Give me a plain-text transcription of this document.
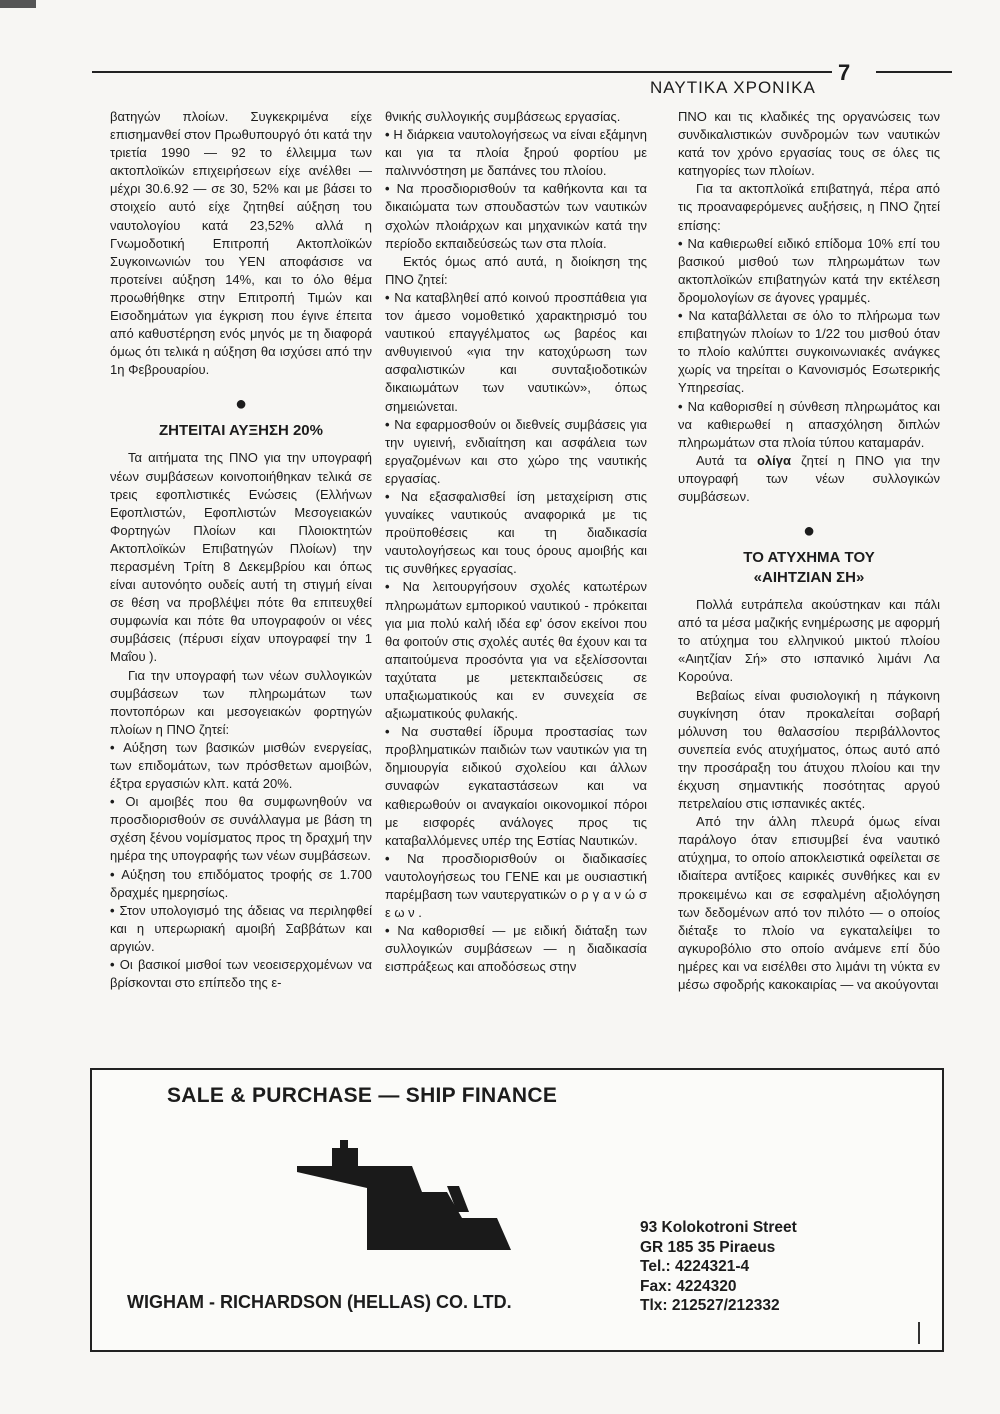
ΝΑΥΤΙΚΑ ΧΡΟΝΙΚΑ
7

βατηγών πλοίων. Συγκεκριμένα είχε επισημανθεί στον Πρωθυπουργό ότι κατά την τριετία 1990 — 92 το έλλειμμα των ακτοπλοϊκών επιχειρήσεων είχε ανέλθει — μέχρι 30.6.92 — σε 30, 52% και με βάσει το στοιχείο αυτό είχε ζητηθεί αύξηση του ναυτολογίου κατά 23,52% αλλά η Γνωμοδοτική Επιτροπή Ακτοπλοϊκών Συγκοινωνιών του ΥΕΝ αποφάσισε να προτείνει αύξηση 14%, και το όλο θέμα προωθήθηκε στην Επιτροπή Τιμών και Εισοδημάτων για έγκριση που έγινε έπειτα από καθυστέρηση ενός μηνός με τη διαφορά όμως ότι τελικά η αύξηση θα ισχύσει από την 1η Φεβρουαρίου.

●
ΖΗΤΕΙΤΑΙ ΑΥΞΗΣΗ 20%

Τα αιτήματα της ΠΝΟ για την υπογραφή νέων συμβάσεων κοινοποιήθηκαν τελικά σε τρεις εφοπλιστικές Ενώσεις (Ελλήνων Εφοπλιστών, Εφοπλιστών Μεσογειακών Φορτηγών Πλοίων και Πλοιοκτητών Ακτοπλοϊκών Επιβατηγών Πλοίων) την περασμένη Τρίτη 8 Δεκεμβρίου και όπως είναι αυτονόητο ουδείς αυτή τη στιγμή είναι σε θέση να προβλέψει πότε θα επιτευχθεί συμφωνία και πότε θα υπογραφούν οι νέες συμβάσεις (πέρυσι είχαν υπογραφεί την 1 Μαΐου ).

Για την υπογραφή των νέων συλλογικών συμβάσεων των πληρωμάτων των ποντοπόρων και μεσογειακών φορτηγών πλοίων η ΠΝΟ ζητεί:

• Αύξηση των βασικών μισθών ενεργείας, των επιδομάτων, των πρόσθετων αμοιβών, έξτρα εργασιών κλπ. κατά 20%.

• Οι αμοιβές που θα συμφωνηθούν να προσδιορισθούν σε συνάλλαγμα με βάση τη σχέση ξένου νομίσματος προς τη δραχμή την ημέρα της υπογραφής των νέων συμβάσεων.

• Αύξηση του επιδόματος τροφής σε 1.700 δραχμές ημερησίως.

• Στον υπολογισμό της άδειας να περιληφθεί και η υπερωριακή αμοιβή Σαββάτων και αργιών.

• Οι βασικοί μισθοί των νεοεισερχομένων να βρίσκονται στο επίπεδο της ε-

θνικής συλλογικής συμβάσεως εργασίας.

• Η διάρκεια ναυτολογήσεως να είναι εξάμηνη και για τα πλοία ξηρού φορτίου με παλιννόστηση με δαπάνες του πλοίου.

• Να προσδιορισθούν τα καθήκοντα και τα δικαιώματα των σπουδαστών των ναυτικών σχολών πλοιάρχων και μηχανικών κατά την περίοδο εκπαιδεύσεώς των στα πλοία.

Εκτός όμως από αυτά, η διοίκηση της ΠΝΟ ζητεί:

• Να καταβληθεί από κοινού προσπάθεια για τον άμεσο νομοθετικό χαρακτηρισμό του ναυτικού επαγγέλματος ως βαρέος και ανθυγιεινού «για την κατοχύρωση των ασφαλιστικών και συνταξιοδοτικών δικαιωμάτων των ναυτικών», όπως σημειώνεται.

• Να εφαρμοσθούν οι διεθνείς συμβάσεις για την υγιεινή, ενδιαίτηση και ασφάλεια των εργαζομένων και στο χώρο της ναυτικής εργασίας.

• Να εξασφαλισθεί ίση μεταχείριση στις γυναίκες ναυτικούς αναφορικά με τις προϋποθέσεις και τη διαδικασία ναυτολογήσεως και τους όρους αμοιβής και τις συνθήκες εργασίας.

• Να λειτουργήσουν σχολές κατωτέρων πληρωμάτων εμπορικού ναυτικού - πρόκειται για μια πολύ καλή ιδέα εφ' όσον εκείνοι που θα φοιτούν στις σχολές αυτές θα έχουν και τα απαιτούμενα προσόντα για να εξελίσσονται ταχύτατα με μετεκπαιδεύσεις σε υπαξιωματικούς και εν συνεχεία σε αξιωματικούς φυλακής.

• Να συσταθεί ίδρυμα προστασίας των προβληματικών παιδιών των ναυτικών για τη δημιουργία ειδικού σχολείου και άλλων συναφών εγκαταστάσεων και να καθιερωθούν οι αναγκαίοι οικονομικοί πόροι με εισφορές ανάλογες προς τις καταβαλλόμενες υπέρ της Εστίας Ναυτικών.

• Να προσδιορισθούν οι διαδικασίες ναυτολογήσεως του ΓΕΝΕ και με ουσιαστική παρέμβαση των ναυτεργατικών ο ρ γ α ν ώ σ ε ω ν .

• Να καθορισθεί — με ειδική διάταξη των συλλογικών συμβάσεων — η διαδικασία εισπράξεως και αποδόσεως στην

ΠΝΟ και τις κλαδικές της οργανώσεις των συνδικαλιστικών συνδρομών των ναυτικών κατά τον χρόνο εργασίας τους σε όλες τις κατηγορίες των πλοίων.

Για τα ακτοπλοϊκά επιβατηγά, πέρα από τις προαναφερόμενες αυξήσεις, η ΠΝΟ ζητεί επίσης:

• Να καθιερωθεί ειδικό επίδομα 10% επί του βασικού μισθού των πληρωμάτων των ακτοπλοϊκών επιβατηγών κατά την εκτέλεση δρομολογίων σε άγονες γραμμές.

• Να καταβάλλεται σε όλο το πλήρωμα των επιβατηγών πλοίων το 1/22 του μισθού όταν το πλοίο καλύπτει συγκοινωνιακές ανάγκες χωρίς να τηρείται ο Κανονισμός Εσωτερικής Υπηρεσίας.

• Να καθορισθεί η σύνθεση πληρωμάτος και να καθιερωθεί η απασχόληση διπλών πληρωμάτων στα πλοία τύπου καταμαράν.

Αυτά τα ολίγα ζητεί η ΠΝΟ για την υπογραφή των νέων συλλογικών συμβάσεων.

●
ΤΟ ΑΤΥΧΗΜΑ ΤΟΥ
«ΑΙΗΤΖΙΑΝ ΣΗ»

Πολλά ευτράπελα ακούστηκαν και πάλι από τα μέσα μαζικής ενημέρωσης με αφορμή το ατύχημα του ελληνικού μικτού πλοίου «Αιητζίαν Σή» στο ισπανικό λιμάνι Λα Κορούνα.

Βεβαίως είναι φυσιολογική η πάγκοινη συγκίνηση όταν προκαλείται σοβαρή μόλυνση του θαλασσίου περιβάλλοντος συνεπεία ενός ατυχήματος, όπως αυτό από την προσάραξη του άτυχου πλοίου και την έκχυση σημαντικής ποσότητας αργού πετρελαίου στις ισπανικές ακτές.

Από την άλλη πλευρά όμως είναι παράλογο όταν επισυμβεί ένα ναυτικό ατύχημα, το οποίο αποκλειστικά οφείλεται σε ιδιαίτερα αντίξοες καιρικές συνθήκες και εν προκειμένω και σε εσφαλμένη αξιολόγηση των δεδομένων από τον πιλότο — ο οποίος διέταξε το πλοίο να εγκαταλείψει το αγκυροβόλιο στο οποίο ανάμενε επί δύο ημέρες και να εισέλθει στο λιμάνι τη νύκτα εν μέσω σφοδρής κακοκαιρίας — να ακούγονται

SALE & PURCHASE — SHIP FINANCE
WIGHAM - RICHARDSON (HELLAS) CO. LTD.
93 Kolokotroni Street
GR 185 35 Piraeus
Tel.: 4224321-4
Fax: 4224320
Tlx: 212527/212332
